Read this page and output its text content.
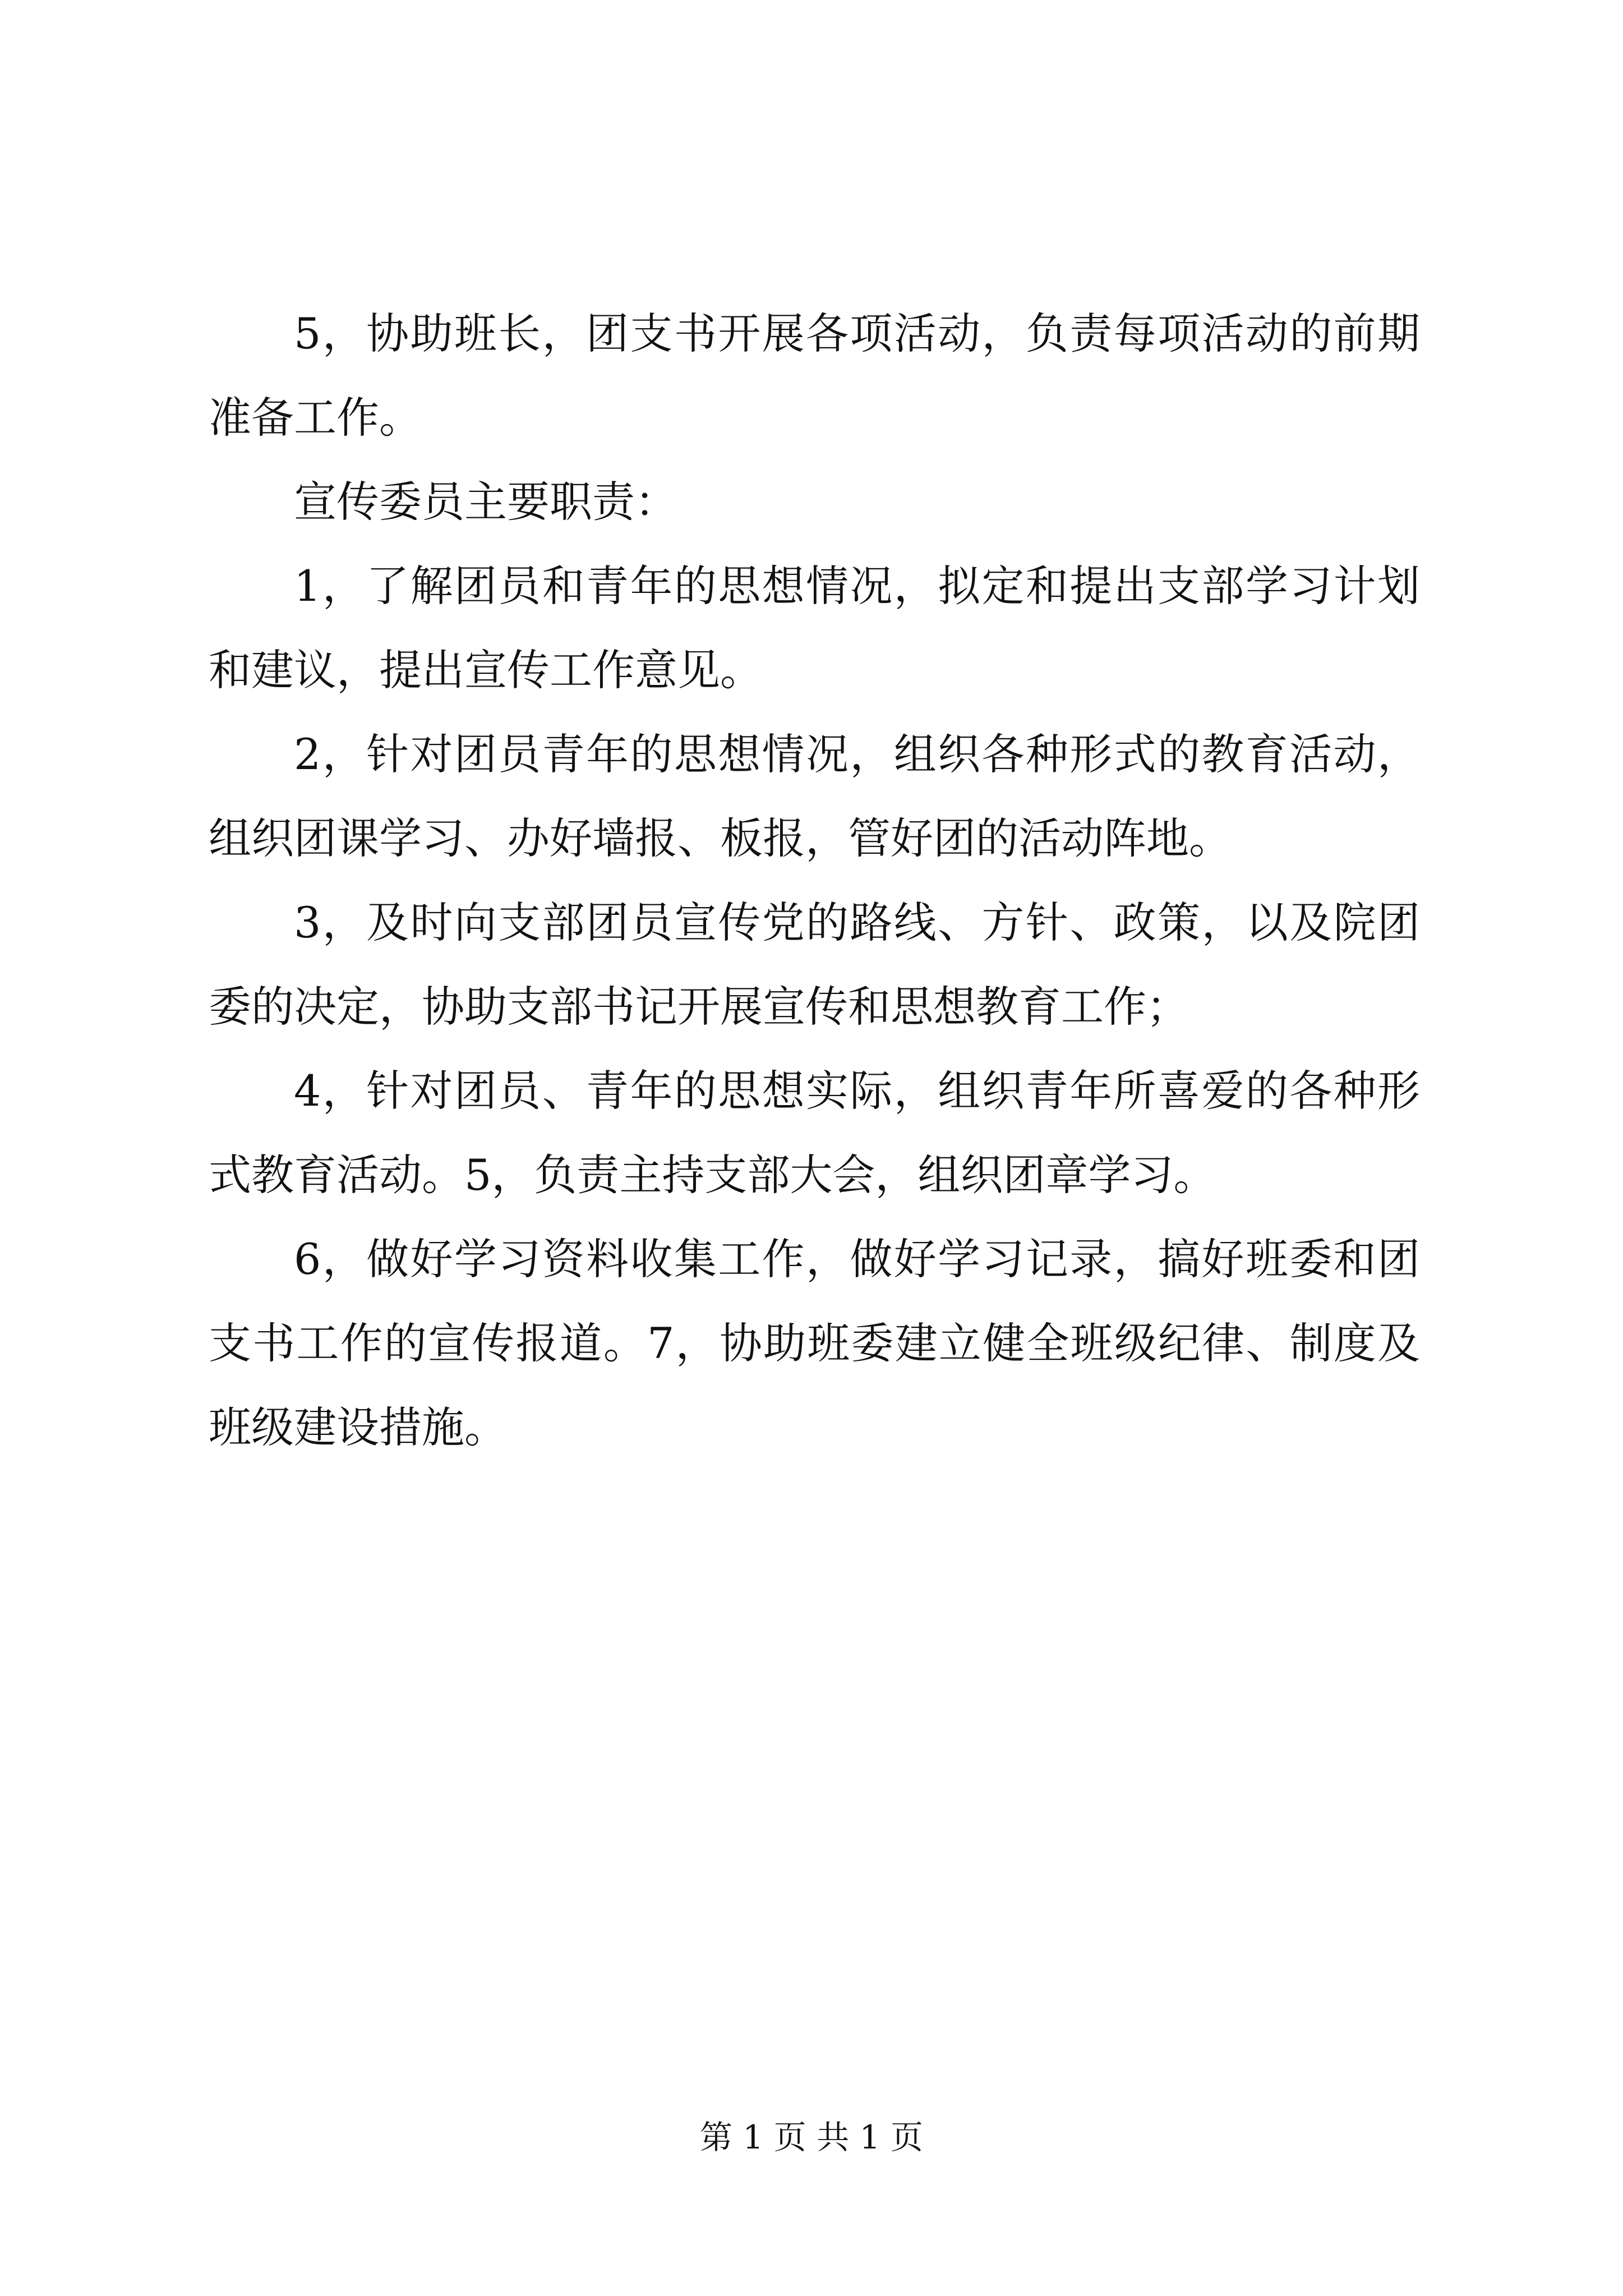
5，协助班长，团支书开展各项活动，负责每项活动的前期准备工作。

宣传委员主要职责：

1，了解团员和青年的思想情况，拟定和提出支部学习计划和建议，提出宣传工作意见。

2，针对团员青年的思想情况，组织各种形式的教育活动，组织团课学习、办好墙报、板报，管好团的活动阵地。

3，及时向支部团员宣传党的路线、方针、政策，以及院团委的决定，协助支部书记开展宣传和思想教育工作；

4，针对团员、青年的思想实际，组织青年所喜爱的各种形式教育活动。5，负责主持支部大会，组织团章学习。

6，做好学习资料收集工作，做好学习记录，搞好班委和团支书工作的宣传报道。7，协助班委建立健全班级纪律、制度及班级建设措施。

第 1 页 共 1 页
